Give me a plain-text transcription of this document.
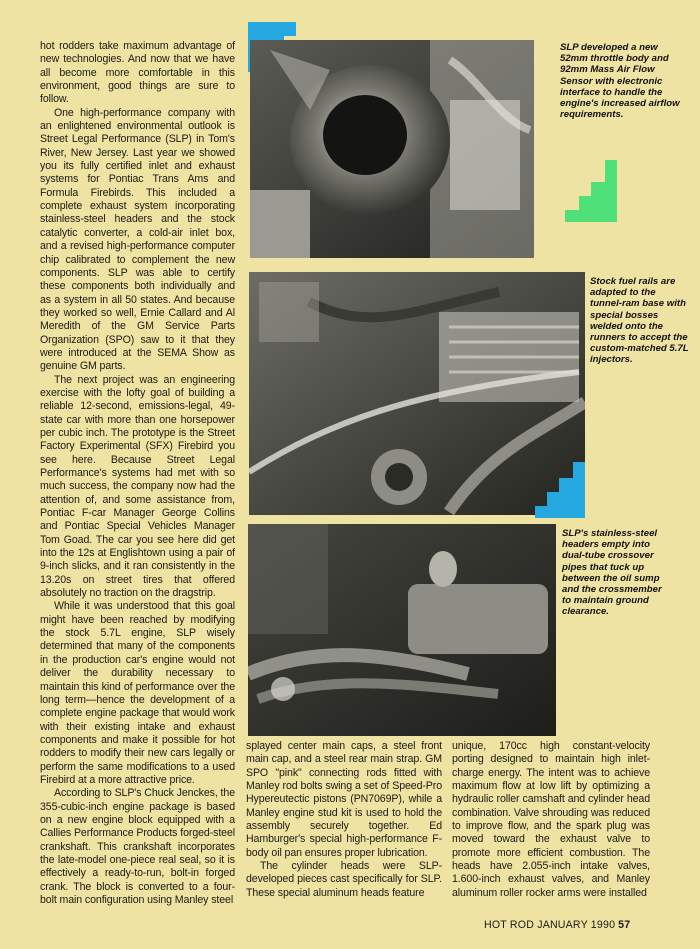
hot rodders take maximum advantage of new technologies. And now that we have all become more comfortable in this environment, good things are sure to follow.

One high-performance company with an enlightened environmental outlook is Street Legal Performance (SLP) in Tom's River, New Jersey. Last year we showed you its fully certified inlet and exhaust systems for Pontiac Trans Ams and Formula Firebirds. This included a complete exhaust system incorporating stainless-steel headers and the stock catalytic converter, a cold-air inlet box, and a revised high-performance computer chip calibrated to complement the new components. SLP was able to certify these components both individually and as a system in all 50 states. And because they worked so well, Ernie Callard and Al Meredith of the GM Service Parts Organization (SPO) saw to it that they were introduced at the SEMA Show as genuine GM parts.

The next project was an engineering exercise with the lofty goal of building a reliable 12-second, emissions-legal, 49-state car with more than one horsepower per cubic inch. The prototype is the Street Factory Experimental (SFX) Firebird you see here. Because Street Legal Performance's systems had met with so much success, the company now had the attention of, and some assistance from, Pontiac F-car Manager George Collins and Pontiac Special Vehicles Manager Tom Goad. The car you see here did get into the 12s at Englishtown using a pair of 9-inch slicks, and it ran consistently in the 13.20s on street tires that offered absolutely no traction on the dragstrip.

While it was understood that this goal might have been reached by modifying the stock 5.7L engine, SLP wisely determined that many of the components in the production car's engine would not deliver the durability necessary to maintain this kind of performance over the long term—hence the development of a complete engine package that would work with their existing intake and exhaust components and make it possible for hot rodders to modify their new cars legally or perform the same modifications to a used Firebird at a more attractive price.

According to SLP's Chuck Jenckes, the 355-cubic-inch engine package is based on a new engine block equipped with a Callies Performance Products forged-steel crankshaft. This crankshaft incorporates the late-model one-piece real seal, so it is effectively a ready-to-run, bolt-in forged crank. The block is converted to a four-bolt main configuration using Manley steel

SLP developed a new 52mm throttle body and 92mm Mass Air Flow Sensor with electronic interface to handle the engine's increased airflow requirements.
Stock fuel rails are adapted to the tunnel-ram base with special bosses welded onto the runners to accept the custom-matched 5.7L injectors.
SLP's stainless-steel headers empty into dual-tube crossover pipes that tuck up between the oil sump and the crossmember to maintain ground clearance.

splayed center main caps, a steel front main cap, and a steel rear main strap. GM SPO "pink" connecting rods fitted with Manley rod bolts swing a set of Speed-Pro Hypereutectic pistons (PN7069P), while a Manley engine stud kit is used to hold the assembly securely together. Ed Hamburger's special high-performance F-body oil pan ensures proper lubrication.

The cylinder heads were SLP-developed pieces cast specifically for SLP. These special aluminum heads feature

unique, 170cc high constant-velocity porting designed to maintain high inlet-charge energy. The intent was to achieve maximum flow at low lift by optimizing a hydraulic roller camshaft and cylinder head combination. Valve shrouding was reduced to improve flow, and the spark plug was moved toward the exhaust valve to promote more efficient combustion. The heads have 2.055-inch intake valves, 1.600-inch exhaust valves, and Manley aluminum roller rocker arms were installed

HOT ROD JANUARY 1990 57
